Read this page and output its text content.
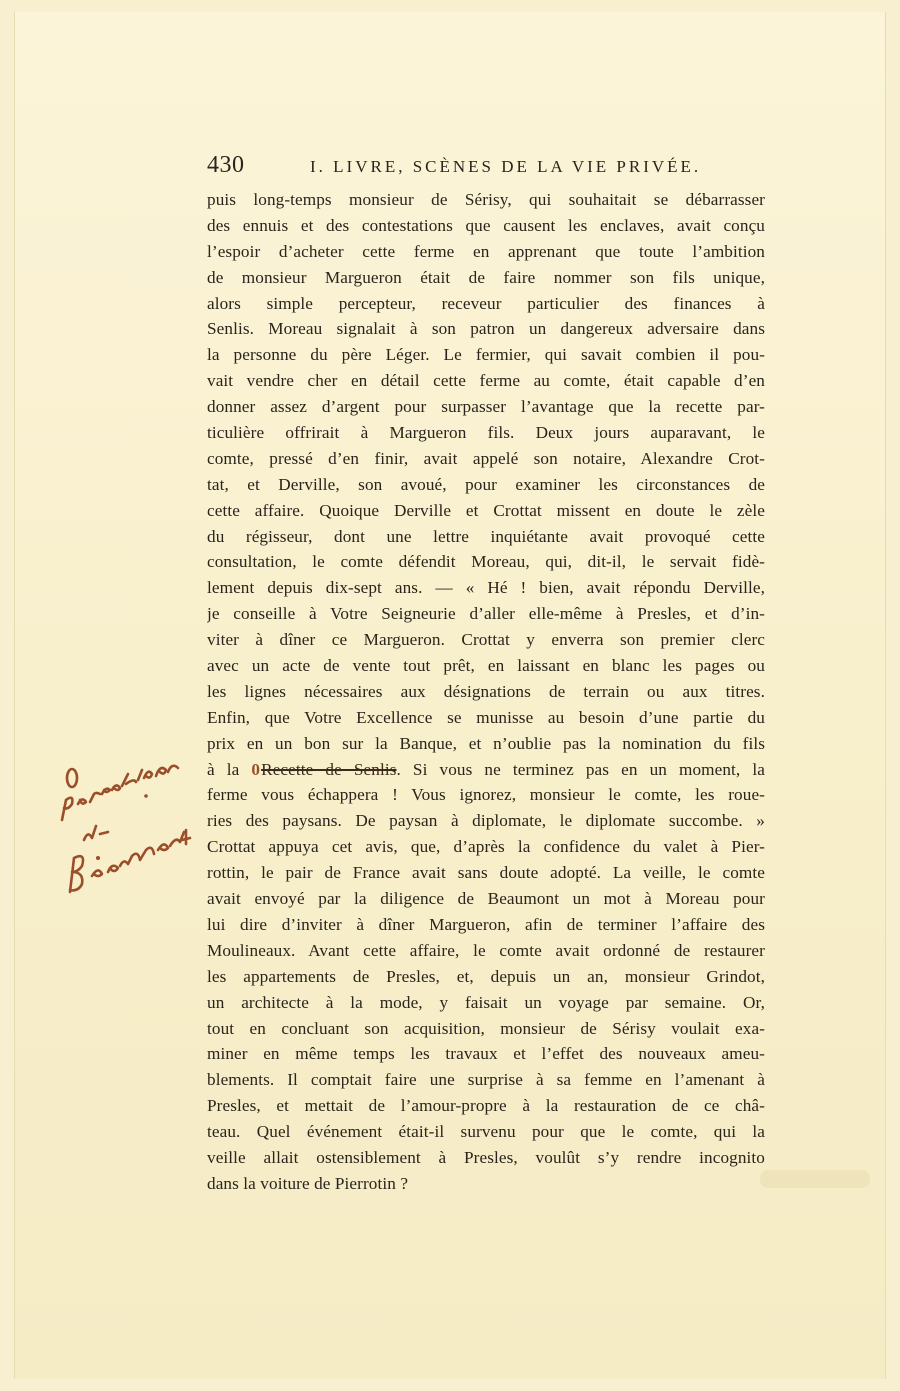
430	I. LIVRE, SCÈNES DE LA VIE PRIVÉE.
puis long-temps monsieur de Sérisy, qui souhaitait se débarrasser
des ennuis et des contestations que causent les enclaves, avait conçu
l’espoir d’acheter cette ferme en apprenant que toute l’ambition
de monsieur Margueron était de faire nommer son fils unique,
alors simple percepteur, receveur particulier des finances à
Senlis. Moreau signalait à son patron un dangereux adversaire dans
la personne du père Léger. Le fermier, qui savait combien il pou-
vait vendre cher en détail cette ferme au comte, était capable d’en
donner assez d’argent pour surpasser l’avantage que la recette par-
ticulière offrirait à Margueron fils. Deux jours auparavant, le
comte, pressé d’en finir, avait appelé son notaire, Alexandre Crot-
tat, et Derville, son avoué, pour examiner les circonstances de
cette affaire. Quoique Derville et Crottat missent en doute le zèle
du régisseur, dont une lettre inquiétante avait provoqué cette
consultation, le comte défendit Moreau, qui, dit-il, le servait fidè-
lement depuis dix-sept ans. — « Hé ! bien, avait répondu Derville,
je conseille à Votre Seigneurie d’aller elle-même à Presles, et d’in-
viter à dîner ce Margueron. Crottat y enverra son premier clerc
avec un acte de vente tout prêt, en laissant en blanc les pages ou
les lignes nécessaires aux désignations de terrain ou aux titres.
Enfin, que Votre Excellence se munisse au besoin d’une partie du
prix en un bon sur la Banque, et n’oublie pas la nomination du fils
à la 0Recette de Senlis. Si vous ne terminez pas en un moment, la
ferme vous échappera ! Vous ignorez, monsieur le comte, les roue-
ries des paysans. De paysan à diplomate, le diplomate succombe. »
Crottat appuya cet avis, que, d’après la confidence du valet à Pier-
rottin, le pair de France avait sans doute adopté. La veille, le comte
avait envoyé par la diligence de Beaumont un mot à Moreau pour
lui dire d’inviter à dîner Margueron, afin de terminer l’affaire des
Moulineaux. Avant cette affaire, le comte avait ordonné de restaurer
les appartements de Presles, et, depuis un an, monsieur Grindot,
un architecte à la mode, y faisait un voyage par semaine. Or,
tout en concluant son acquisition, monsieur de Sérisy voulait exa-
miner en même temps les travaux et l’effet des nouveaux ameu-
blements. Il comptait faire une surprise à sa femme en l’amenant à
Presles, et mettait de l’amour-propre à la restauration de ce châ-
teau. Quel événement était-il survenu pour que le comte, qui la
veille allait ostensiblement à Presles, voulût s’y rendre incognito
dans la voiture de Pierrotin ?
